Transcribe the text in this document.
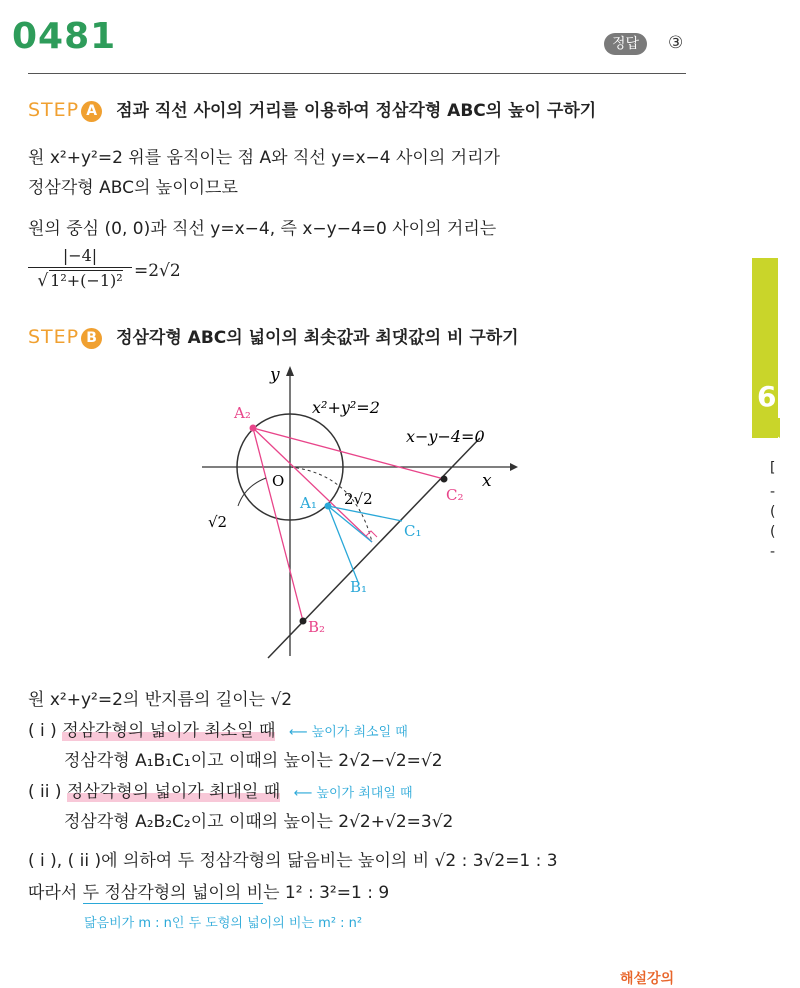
0481	정답	③
STEP A 점과 직선 사이의 거리를 이용하여 정삼각형 ABC의 높이 구하기
원 x²+y²=2 위를 움직이는 점 A와 직선 y=x−4 사이의 거리가
정삼각형 ABC의 높이이므로
원의 중심 (0, 0)과 직선 y=x−4, 즉 x−y−4=0 사이의 거리는
|−4|
√ 1²+(−1)² =2√2
STEP B 정삼각형 ABC의 넓이의 최솟값과 최댓값의 비 구하기
y
x
O
x²+y²=2
x−y−4=0
A₂
A₁
C₁
B₁
C₂
B₂
2√2
√2
원 x²+y²=2의 반지름의 길이는 √2
( i ) 정삼각형의 넓이가 최소일 때 ⟵ 높이가 최소일 때
정삼각형 A₁B₁C₁이고 이때의 높이는 2√2−√2=√2
( ii ) 정삼각형의 넓이가 최대일 때 ⟵ 높이가 최대일 때
정삼각형 A₂B₂C₂이고 이때의 높이는 2√2+√2=3√2
( i ), ( ii )에 의하여 두 정삼각형의 닮음비는 높이의 비 √2 : 3√2=1 : 3
따라서 두 정삼각형의 넓이의 비는 1² : 3²=1 : 9
닮음비가 m : n인 두 도형의 넓이의 비는 m² : n²
6
[
-
(
(
-
해설강의
